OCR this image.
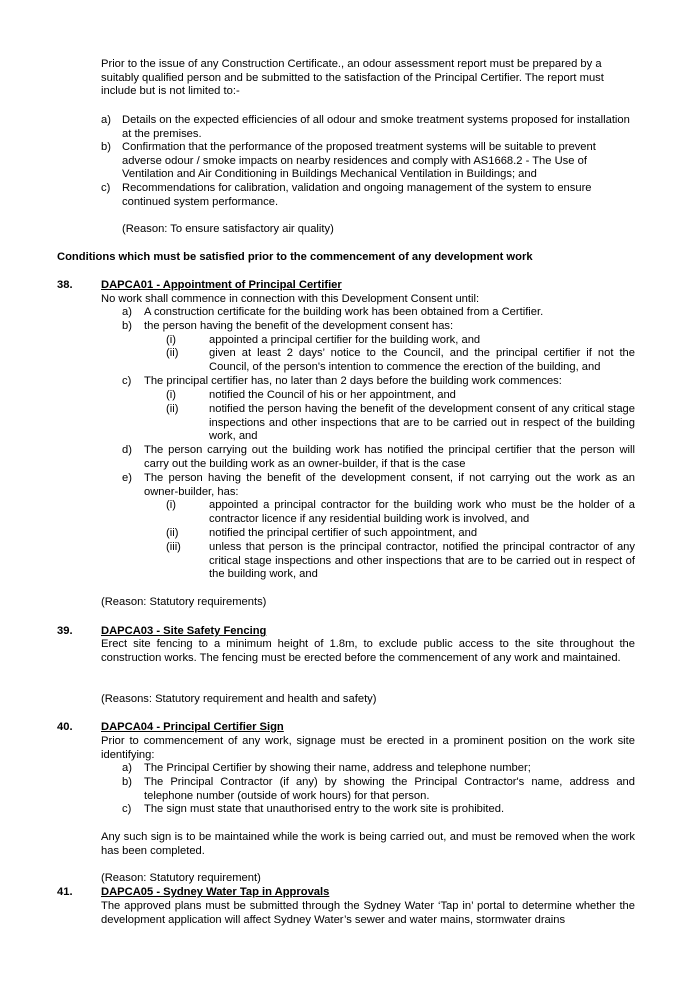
Prior to the issue of any Construction Certificate., an odour assessment report must be prepared by a suitably qualified person and be submitted to the satisfaction of the Principal Certifier. The report must include but is not limited to:-

a) Details on the expected efficiencies of all odour and smoke treatment systems proposed for installation at the premises.

b) Confirmation that the performance of the proposed treatment systems will be suitable to prevent adverse odour / smoke impacts on nearby residences and comply with AS1668.2 - The Use of Ventilation and Air Conditioning in Buildings Mechanical Ventilation in Buildings; and

c) Recommendations for calibration, validation and ongoing management of the system to ensure continued system performance.

(Reason: To ensure satisfactory air quality)

Conditions which must be satisfied prior to the commencement of any development work

38.	DAPCA01 - Appointment of Principal Certifier

No work shall commence in connection with this Development Consent until:

a) A construction certificate for the building work has been obtained from a Certifier.

b) the person having the benefit of the development consent has:

(i)	appointed a principal certifier for the building work, and

(ii)	given at least 2 days’ notice to the Council, and the principal certifier if not the Council, of the person's intention to commence the erection of the building, and

c) The principal certifier has, no later than 2 days before the building work commences:

(i)	notified the Council of his or her appointment, and

(ii)	notified the person having the benefit of the development consent of any critical stage inspections and other inspections that are to be carried out in respect of the building work, and

d) The person carrying out the building work has notified the principal certifier that the person will carry out the building work as an owner-builder, if that is the case

e) The person having the benefit of the development consent, if not carrying out the work as an owner-builder, has:

(i)	appointed a principal contractor for the building work who must be the holder of a contractor licence if any residential building work is involved, and

(ii)	notified the principal certifier of such appointment, and

(iii)	unless that person is the principal contractor, notified the principal contractor of any critical stage inspections and other inspections that are to be carried out in respect of the building work, and

(Reason: Statutory requirements)

39.	DAPCA03 - Site Safety Fencing

Erect site fencing to a minimum height of 1.8m, to exclude public access to the site throughout the construction works. The fencing must be erected before the commencement of any work and maintained.

(Reasons: Statutory requirement and health and safety)

40.	DAPCA04 - Principal Certifier Sign

Prior to commencement of any work, signage must be erected in a prominent position on the work site identifying:

a) The Principal Certifier by showing their name, address and telephone number;

b) The Principal Contractor (if any) by showing the Principal Contractor's name, address and telephone number (outside of work hours) for that person.

c) The sign must state that unauthorised entry to the work site is prohibited.

Any such sign is to be maintained while the work is being carried out, and must be removed when the work has been completed.

(Reason: Statutory requirement)

41.	DAPCA05 - Sydney Water Tap in Approvals

The approved plans must be submitted through the Sydney Water ‘Tap in’ portal to determine whether the development application will affect Sydney Water’s sewer and water mains, stormwater drains
